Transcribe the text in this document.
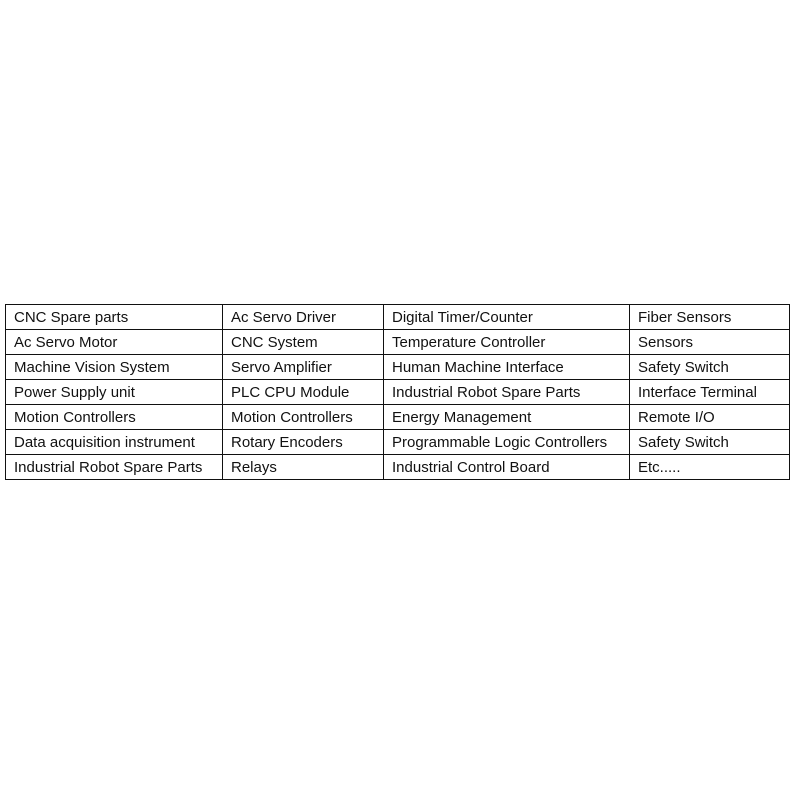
CNC Spare parts	Ac Servo Driver	Digital Timer/Counter	Fiber Sensors
Ac Servo Motor	CNC System	Temperature Controller	Sensors
Machine Vision System	Servo Amplifier	Human Machine Interface	Safety Switch
Power Supply unit	PLC CPU Module	Industrial Robot Spare Parts	Interface Terminal
Motion Controllers	Motion Controllers	Energy Management	Remote I/O
Data acquisition instrument	Rotary Encoders	Programmable Logic Controllers	Safety Switch
Industrial Robot Spare Parts	Relays	Industrial Control Board	Etc.....
